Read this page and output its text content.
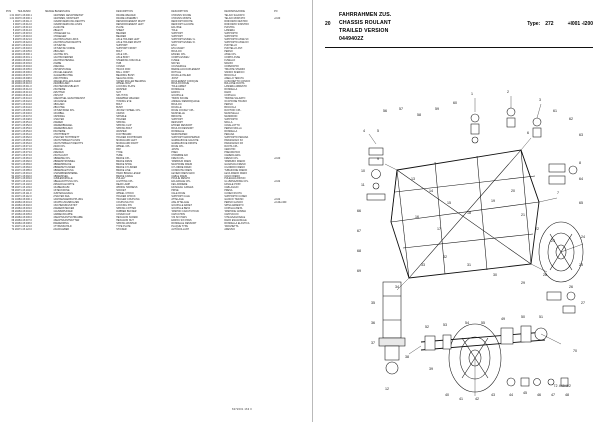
POS	TEILNUMM	MENGE	BENENNUNG	DESCRIPTION	DESCRIPTION	DENOMINAZIONE	PO
1 01 00	271.15.000.1	1	RAHMEN GESCHWEISST	FRAME WELDED	CHASSIS SOUDE	TELAIO SALDATO	
1.01 00	270.15.000.1	1	RAHMEN, MONTIERT	FRAME ASSEMBLY	CHASSIS MONTE	TELAIO MONTATO	+I100
2 00	271.15.011.0	1	VERSTAERKUNG RECHTS	REINFORCEMENT RIGHT	RENFORT DROITE	RINFORZO DESTRO	
3 00	271.15.012.0	1	VERSTAERKUNG LINKS	REINFORCEMENT LEFT	RENFORT GAUCHE	RINFORZO SINISTRO	
4 20	271.15.013.0	2	LASCHE	PLATE	ECLISSE	PIASTRA	
5 20	271.15.014.0	2	BLECH	SHEET	TOLE	LAMIERA	
6 20	271.15.015.0	1	TRAEGER GL.	BEARER	SUPPORT	SUPPORTO	
7 20	271.15.016.0	1	TRAEGER	BEARER	SUPPORT	SUPPORTO	
8 20	270.15.021.0	2	ACHSHALTER LINKS	AXLE HOLDER LEFT	SUPPORT ESSIEU G.	SUPPORTO ASSE SX	
9 20	270.15.022.0	2	ACHSHALTER RECHTS	AXLE HOLDER RIGHT	SUPPORT ESSIEU D.	SUPPORTO ASSE DX	
10 20	271.15.031.0	1	STUETZE	SUPPORT	ETAI	PUNTELLO	
11 20	271.15.032.0	1	STUETZE VORNE	SUPPORT FRONT	ETAI AVANT	PUNTELLO ANT.	
12 20	271.15.035.0	2	BOLZEN	BOLT	BOULON	PERNO	
13 20	294.15.000.1	1	ACHSE KPL.	AXLE CPL.	ESSIEU CPL.	ASSE CPL.	
14 20	294.15.001.1	1	ACHSKOERPER	AXLE BODY	CORPS ESSIEU	CORPO ASSE	
15 20	294.15.002.0	2	ACHSSCHENKEL	STEERING KNUCKLE	FUSEE	FUSELLO	
16 20	294.15.003.0	2	NABE	HUB	MOYEU	MOZZO	
17 20	294.15.004.0	2	DECKEL	COVER	COUVERCLE	COPERCHIO	
18 20	294.15.005.0	2	SPURSTANGE	TRACK ROD	BARRE ACCOUPLEMENT	TIRANTE STERZO	
19 20	294.15.006.0	2	KUGELGELENK	BALL JOINT	ROTULE	SNODO SFERICO	
20 20	294.15.007.0	4	LAGERBUCHSE	BEARING BUSH	DOUILLE PALIER	BOCCOLA	
21 20	294.15.008.0	2	DICHTRING	SEALING RING	JOINT	ANELLO TENUTA	
22 20	294.15.009.0	4	KEGELROLLENLAGER	TAPER ROLLER BEARING	ROULEMENT CONIQUE	CUSCINETTO CONICO	
23 20	294.15.010.0	2	RADBOLZEN	WHEEL BOLT	BOULON ROUE	BULLONE RUOTA	
24 20	294.15.011.0	2	SICHERUNGSBLECH	LOCKING PLATE	TOLE ARRET	LAMIERA ARRESTO	
25 20	294.15.012.0	2	SCHEIBE	WASHER	RONDELLE	RONDELLA	
26 20	294.15.013.0	2	MUTTER	NUT	ECROU	DADO	
27 20	294.15.014.0	2	SPLINT	SPLIT PIN	GOUPILLE	COPIGLIA	
28 20	271.15.041.0	1	DEICHSEL GESCHWEISST	DRAWBAR WELDED	TIMON SOUDE	TIMONE SALDATO	
29 20	271.15.042.0	1	ZUGOESE	TOWING EYE	ANNEAU REMORQUAGE	OCCHIONE TRAINO	
30 20	271.15.043.0	1	BOLZEN	BOLT	BOULON	PERNO	
31 20	271.15.044.0	2	BUCHSE	BUSH	DOUILLE	BOCCOLA	
32 20	271.15.045.0	1	STUETZRAD KPL.	JOCKEY WHEEL CPL.	ROUE JOCKEY CPL.	RUOTINO CPL.	
33 20	271.15.046.0	1	KURBEL	CRANK	MANIVELLE	MANOVELLA	
34 20	271.15.047.0	1	SPINDEL	SPINDLE	BROCHE	MANDRINO	
35 20	271.15.048.0	1	HALTER	HOLDER	SUPPORT	SUPPORTO	
36 20	271.15.051.0	2	FEDER	SPRING	RESSORT	MOLLA	
37 20	271.15.052.0	4	FEDERBUEGEL	SPRING CLIP	ETRIER RESSORT	CAVALLOTTO	
38 20	271.15.053.0	4	FEDERBOLZEN	SPRING BOLT	BOULON RESSORT	PERNO MOLLA	
39 20	271.15.054.0	8	SCHEIBE	WASHER	RONDELLE	RONDELLA	
40 20	271.15.061.0	1	TRITTBRETT	FOOTBOARD	MARCHEPIED	PEDANA	
41 20	271.15.062.0	2	HALTER TRITTBRETT	HOLDER FOOTBOARD	SUPPORT MARCHEPIED	SUPPORTO PEDANA	
42 20	271.15.063.0	1	SCHUTZBLECH LINKS	MUDGUARD LEFT	GARDE-BOUE GAUCHE	PARAFANGO SX	
43 20	271.15.064.0	1	SCHUTZBLECH RECHTS	MUDGUARD RIGHT	GARDE-BOUE DROITE	PARAFANGO DX	
44 20	271.15.071.0	2	RAD KPL.	WHEEL CPL.	ROUE CPL.	RUOTA CPL.	
45 20	271.15.072.0	2	FELGE	RIM	JANTE	CERCHIO	
46 20	271.15.073.0	2	REIFEN	TYRE	PNEU	PNEUMATICO	
47 20	271.15.074.0	2	SCHLAUCH	TUBE	CHAMBRE AIR	CAMERA ARIA	
48 20	271.15.081.0	1	BREMSE KPL.	BRAKE CPL.	FREIN CPL.	FRENO CPL.	+I100
49 20	271.15.082.0	2	BREMSTROMMEL	BRAKE DRUM	TAMBOUR FREIN	TAMBURO FRENO	
50 20	271.15.083.0	4	BREMSBACKE	BRAKE SHOE	MACHOIRE FREIN	GANASCIA FRENO	
51 20	271.15.084.0	2	BREMSZYLINDER	BRAKE CYLINDER	CYLINDRE FREIN	CILINDRO FRENO	
52 20	271.15.085.0	1	BREMSLEITUNG	BRAKE LINE	CONDUITE FREIN	TUBAZIONE FRENO	
53 20	271.15.091.0	1	HANDBREMSHEBEL	HAND BRAKE LEVER	LEVIER FREIN MAIN	LEVA FRENO MANO	
54 20	271.15.092.0	1	BREMSSEIL	BRAKE CABLE	CABLE FREIN	CAVO FRENO	
55 20	271.15.093.0	1	UMLENKROLLE	PULLEY	POULIE RENVOI	PULEGGIA RINVIO	
56 20	271.15.101.0	1	BELEUCHTUNG KPL.	LIGHTING CPL.	ECLAIRAGE CPL.	ILLUMINAZIONE CPL.	+I102
57 20	271.15.102.0	2	RUECKLEUCHTE	REAR LAMP	FEU ARRIERE	FANALE POST.	
58 20	271.15.103.0	1	KABELBAUM	WIRING HARNESS	FAISCEAU CABLES	CABLAGGIO	
59 20	271.15.104.0	1	STECKDOSE	SOCKET	PRISE	PRESA	
60 20	271.15.111.0	4	UNTERLEGKEIL	WHEEL CHOCK	CALE ROUE	CUNEO RUOTA	
61 20	271.15.112.0	2	HALTER KEIL	HOLDER CHOCK	SUPPORT CALE	SUPPORTO CUNEO	
62 10	284.15.000.1	1	ANHAENGERKUPPLUNG	TRAILER COUPLING	ATTELAGE	GANCIO TRAINO	+I102
63 20	284.15.001.0	1	KUPPLUNGSBOLZEN	COUPLING PIN	AXE ATTELAGE	PERNO GANCIO	+I120+I400
64 20	284.15.002.0	1	SICHERUNGSSTIFT	LOCKING PIN	GOUPILLE ARRET	SPINA ARRESTO	
65 20	284.15.003.0	2	FEDERSTECKER	SPRING COTTER	GOUPILLE BETA	COPIGLIA BETA	
66 20	284.15.004.0	1	GUMMIPUFFER	RUBBER BUFFER	TAMPON CAOUTCHOUC	TAMPONE GOMMA	
67 20	284.15.005.0	1	ABDECKKAPPE	COVER CAP	CAPUCHON	CAPPUCCIO	
68 20	284.15.006.0	4	SECHSKANTSCHRAUBE	HEXAGON SCREW	VIS SIX PANS	VITE ESAGONALE	
69 20	284.15.007.0	4	SECHSKANTMUTTER	HEXAGON NUT	ECROU SIX PANS	DADO ESAGONALE	
70 20	284.15.008.0	8	FEDERRING	SPRING WASHER	RONDELLE RESSORT	RONDELLA ELASTICA	
71 20	271.15.121.0	1	TYPENSCHILD	TYPE PLATE	PLAQUE TYPE	TARGHETTA	
72 20	271.15.122.0	2	AUFKLEBER	STICKER	AUTOCOLLANT	ADESIVO	
6372001 163 0
20
FAHRRAHMEN ZUS.
CHASSIS ROULANT
TRAILED VERSION
0449402Z
Type: 272	+I001 -I200
1	2
3
4	5	6
7
8
9
10
11
12
13
14
15
16
17
18
19
20
21
22
23
24
25
26
27
28
29
30
31
32
33
34
35
36
37
38
39
40
41	42
43	44	45	46	47	48
49	50	51
52	53	54	55
56	57
58
59
60
61
62
63
64
65
66
67
68
69
70
72 449402
